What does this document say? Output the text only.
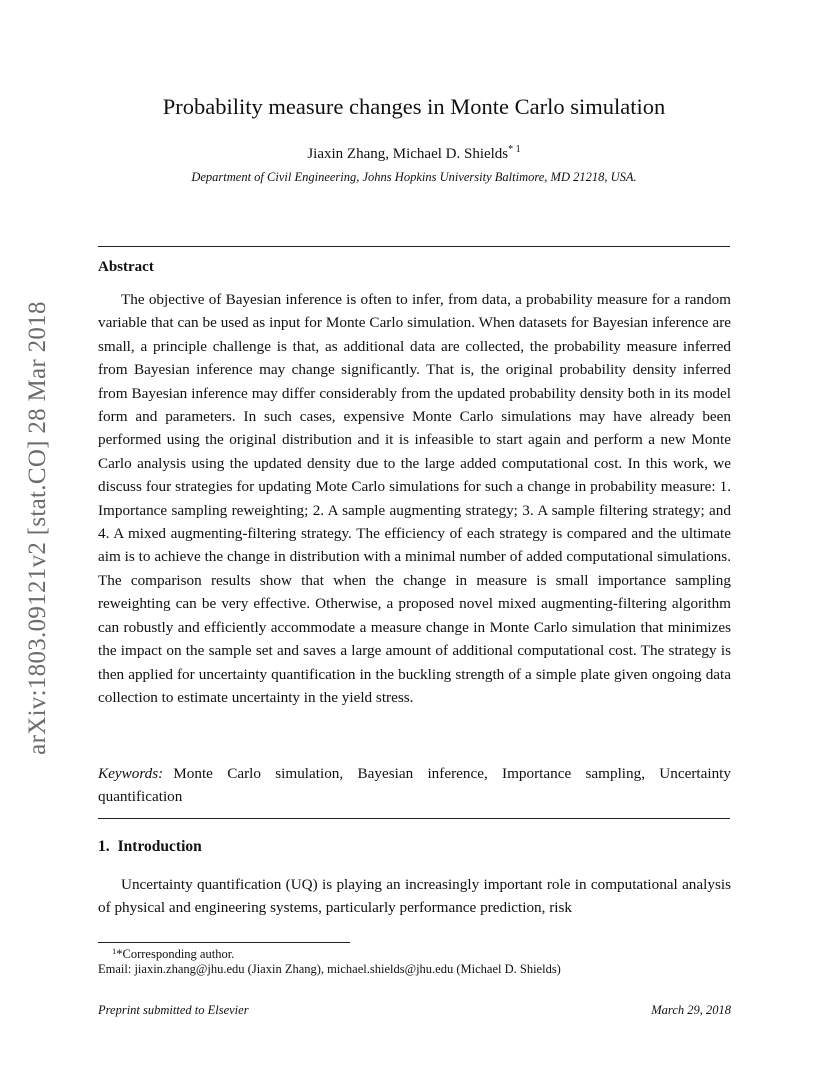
arXiv:1803.09121v2 [stat.CO] 28 Mar 2018
Probability measure changes in Monte Carlo simulation
Jiaxin Zhang, Michael D. Shields$^{* 1}$
Department of Civil Engineering, Johns Hopkins University Baltimore, MD 21218, USA.
Abstract
The objective of Bayesian inference is often to infer, from data, a probability measure for a random variable that can be used as input for Monte Carlo simulation. When datasets for Bayesian inference are small, a principle challenge is that, as additional data are collected, the probability measure inferred from Bayesian inference may change significantly. That is, the original probability density inferred from Bayesian inference may differ considerably from the updated probability density both in its model form and parameters. In such cases, expensive Monte Carlo simulations may have already been performed using the original distribution and it is infeasible to start again and perform a new Monte Carlo analysis using the updated density due to the large added computational cost. In this work, we discuss four strategies for updating Mote Carlo simulations for such a change in probability measure: 1. Importance sampling reweighting; 2. A sample augmenting strategy; 3. A sample filtering strategy; and 4. A mixed augmenting-filtering strategy. The efficiency of each strategy is compared and the ultimate aim is to achieve the change in distribution with a minimal number of added computational simulations. The comparison results show that when the change in measure is small importance sampling reweighting can be very effective. Otherwise, a proposed novel mixed augmenting-filtering algorithm can robustly and efficiently accommodate a measure change in Monte Carlo simulation that minimizes the impact on the sample set and saves a large amount of additional computational cost. The strategy is then applied for uncertainty quantification in the buckling strength of a simple plate given ongoing data collection to estimate uncertainty in the yield stress.
Keywords: Monte Carlo simulation, Bayesian inference, Importance sampling, Uncertainty quantification
1. Introduction
Uncertainty quantification (UQ) is playing an increasingly important role in computational analysis of physical and engineering systems, particularly performance prediction, risk
$^1$*Corresponding author.
Email: jiaxin.zhang@jhu.edu (Jiaxin Zhang), michael.shields@jhu.edu (Michael D. Shields)
Preprint submitted to Elsevier	March 29, 2018
